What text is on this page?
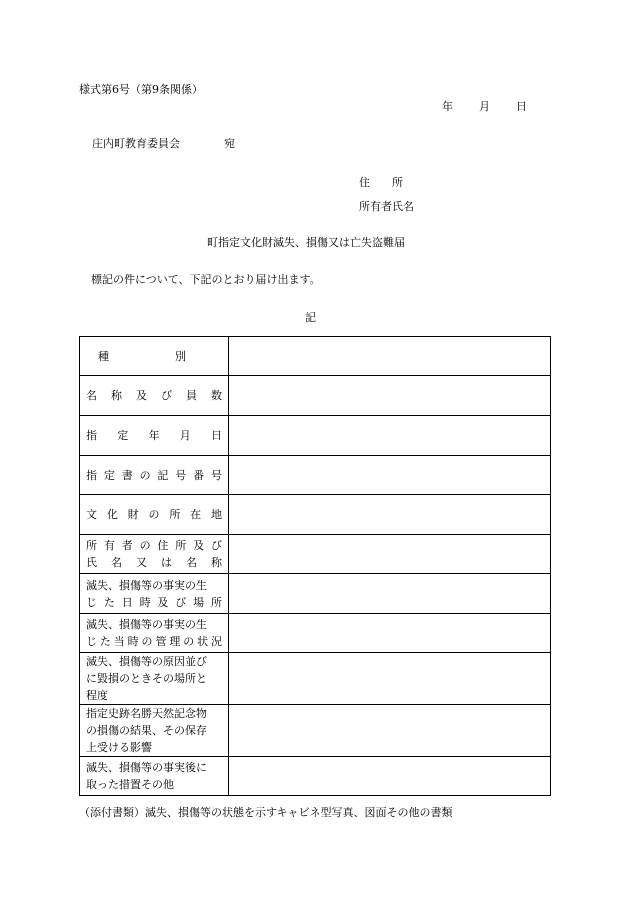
様式第6号（第9条関係）
年 月 日
庄内町教育委員会	宛
住　　所
所有者氏名
町指定文化財滅失、損傷又は亡失盗難届
標記の件について、下記のとおり届け出ます。
記
種　　　　　　別	

名称及び員数	

指定年月日	

指定書の記号番号	

文化財の所在地	

所有者の住所及び
氏名又は名称	

滅失、損傷等の事実の生
じた日時及び場所	

滅失、損傷等の事実の生
じた当時の管理の状況	

滅失、損傷等の原因並び
に毀損のときその場所と
程度	

指定史跡名勝天然記念物
の損傷の結果、その保存
上受ける影響	

滅失、損傷等の事実後に
取った措置その他	

（添付書類）滅失、損傷等の状態を示すキャビネ型写真、図面その他の書類
